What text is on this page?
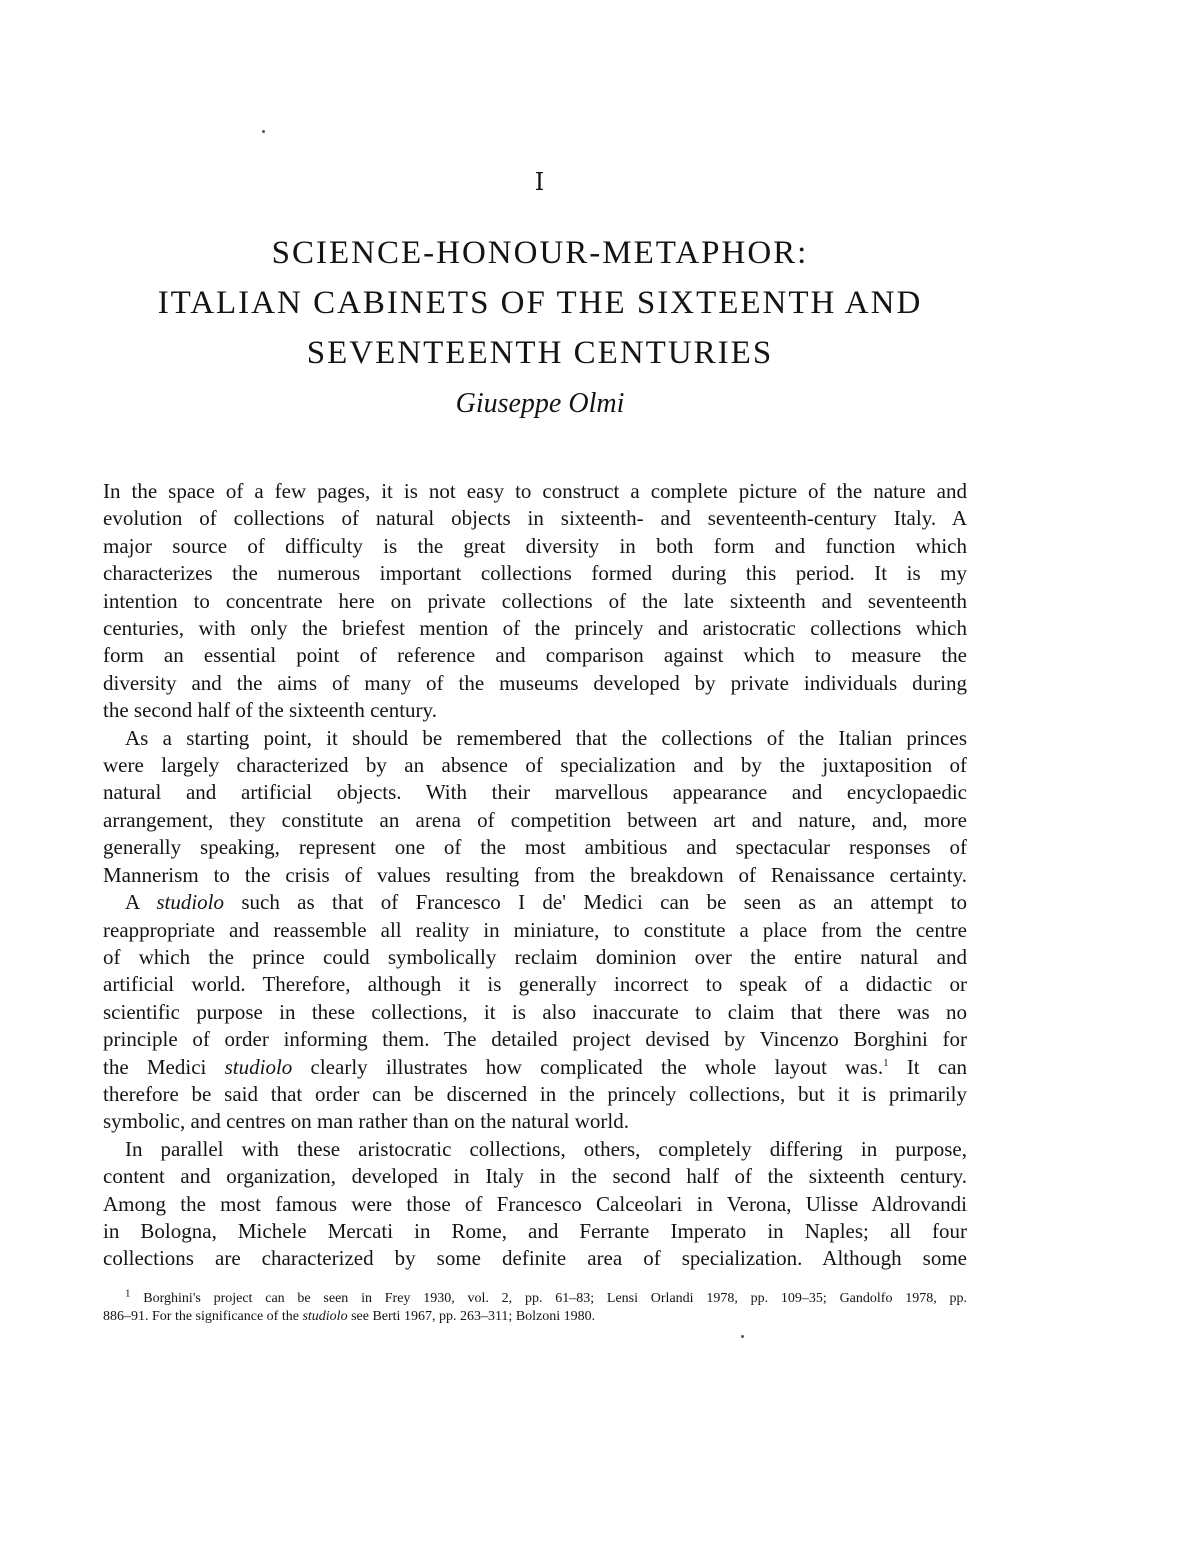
I
SCIENCE-HONOUR-METAPHOR:
ITALIAN CABINETS OF THE SIXTEENTH AND
SEVENTEENTH CENTURIES
Giuseppe Olmi

In the space of a few pages, it is not easy to construct a complete picture of the nature and
evolution of collections of natural objects in sixteenth- and seventeenth-century Italy. A
major source of difficulty is the great diversity in both form and function which
characterizes the numerous important collections formed during this period. It is my
intention to concentrate here on private collections of the late sixteenth and seventeenth
centuries, with only the briefest mention of the princely and aristocratic collections which
form an essential point of reference and comparison against which to measure the
diversity and the aims of many of the museums developed by private individuals during
the second half of the sixteenth century.

As a starting point, it should be remembered that the collections of the Italian princes
were largely characterized by an absence of specialization and by the juxtaposition of
natural and artificial objects. With their marvellous appearance and encyclopaedic
arrangement, they constitute an arena of competition between art and nature, and, more
generally speaking, represent one of the most ambitious and spectacular responses of
Mannerism to the crisis of values resulting from the breakdown of Renaissance certainty.

A studiolo such as that of Francesco I de' Medici can be seen as an attempt to
reappropriate and reassemble all reality in miniature, to constitute a place from the centre
of which the prince could symbolically reclaim dominion over the entire natural and
artificial world. Therefore, although it is generally incorrect to speak of a didactic or
scientific purpose in these collections, it is also inaccurate to claim that there was no
principle of order informing them. The detailed project devised by Vincenzo Borghini for
the Medici studiolo clearly illustrates how complicated the whole layout was.$^1$ It can
therefore be said that order can be discerned in the princely collections, but it is primarily
symbolic, and centres on man rather than on the natural world.

In parallel with these aristocratic collections, others, completely differing in purpose,
content and organization, developed in Italy in the second half of the sixteenth century.
Among the most famous were those of Francesco Calceolari in Verona, Ulisse Aldrovandi
in Bologna, Michele Mercati in Rome, and Ferrante Imperato in Naples; all four
collections are characterized by some definite area of specialization. Although some

$^1$ Borghini's project can be seen in Frey 1930, vol. 2, pp. 61–83; Lensi Orlandi 1978, pp. 109–35; Gandolfo 1978, pp.
886–91. For the significance of the studiolo see Berti 1967, pp. 263–311; Bolzoni 1980.
